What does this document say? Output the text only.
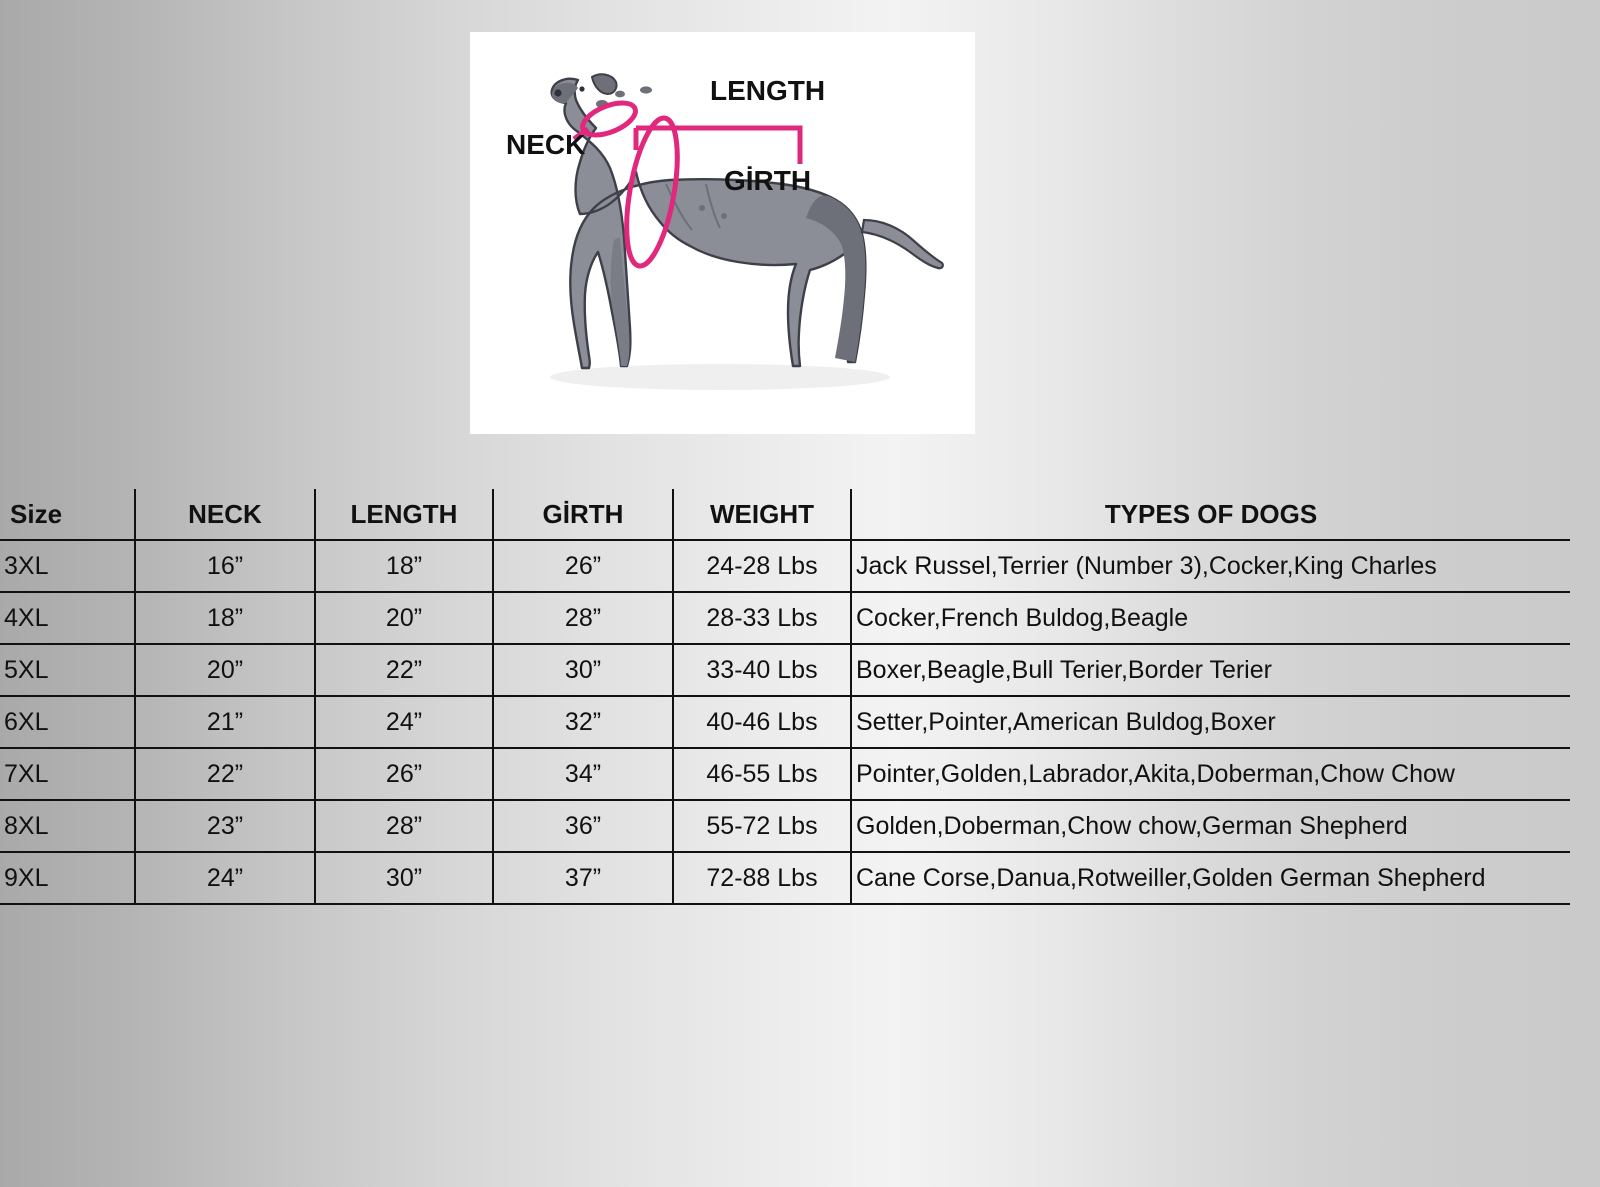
LENGTH
NECK
GİRTH
Size	NECK	LENGTH	GİRTH	WEIGHT	TYPES OF DOGS
3XL	16”	18”	26”	24-28 Lbs	Jack Russel,Terrier (Number 3),Cocker,King Charles
4XL	18”	20”	28”	28-33 Lbs	Cocker,French Buldog,Beagle
5XL	20”	22”	30”	33-40 Lbs	Boxer,Beagle,Bull Terier,Border Terier
6XL	21”	24”	32”	40-46 Lbs	Setter,Pointer,American Buldog,Boxer
7XL	22”	26”	34”	46-55 Lbs	Pointer,Golden,Labrador,Akita,Doberman,Chow Chow
8XL	23”	28”	36”	55-72 Lbs	Golden,Doberman,Chow chow,German Shepherd
9XL	24”	30”	37”	72-88 Lbs	Cane Corse,Danua,Rotweiller,Golden German Shepherd
